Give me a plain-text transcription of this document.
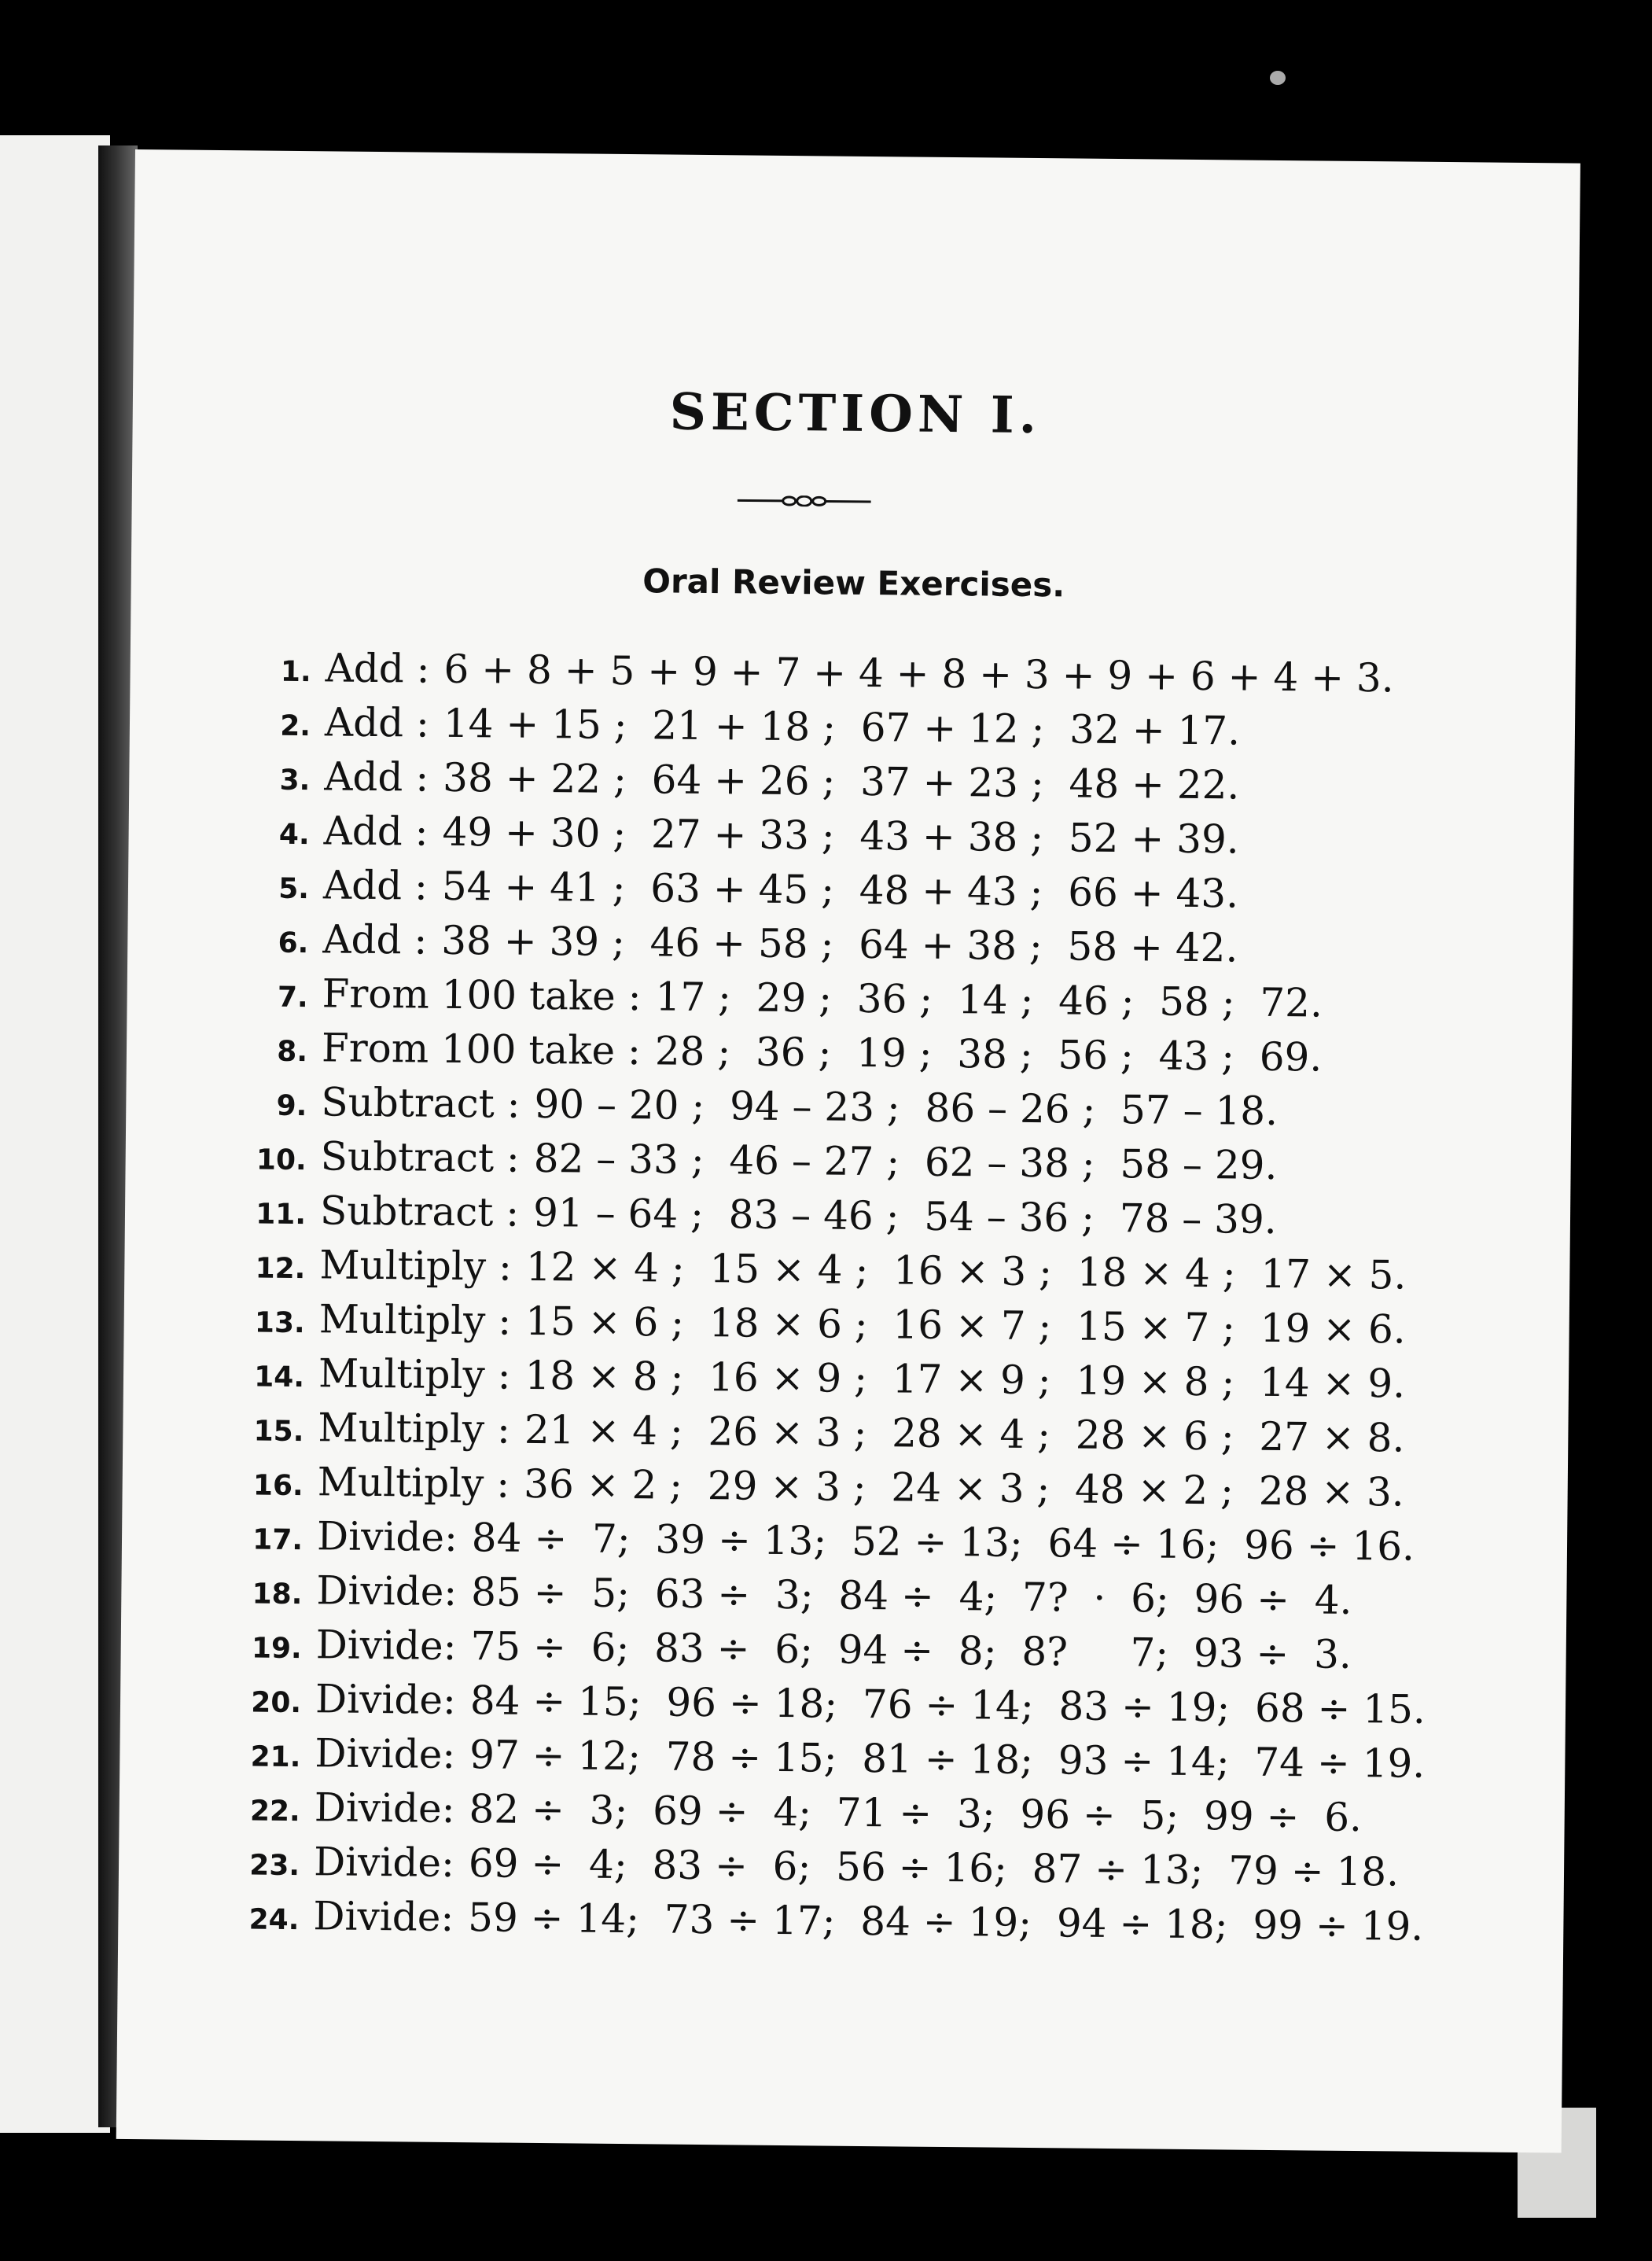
SECTION I.
Oral Review Exercises.
1. Add : 6 + 8 + 5 + 9 + 7 + 4 + 8 + 3 + 9 + 6 + 4 + 3.
2. Add : 14 + 15 ;  21 + 18 ;  67 + 12 ;  32 + 17.
3. Add : 38 + 22 ;  64 + 26 ;  37 + 23 ;  48 + 22.
4. Add : 49 + 30 ;  27 + 33 ;  43 + 38 ;  52 + 39.
5. Add : 54 + 41 ;  63 + 45 ;  48 + 43 ;  66 + 43.
6. Add : 38 + 39 ;  46 + 58 ;  64 + 38 ;  58 + 42.
7. From 100 take : 17 ;  29 ;  36 ;  14 ;  46 ;  58 ;  72.
8. From 100 take : 28 ;  36 ;  19 ;  38 ;  56 ;  43 ;  69.
9. Subtract : 90 – 20 ;  94 – 23 ;  86 – 26 ;  57 – 18.
10. Subtract : 82 – 33 ;  46 – 27 ;  62 – 38 ;  58 – 29.
11. Subtract : 91 – 64 ;  83 – 46 ;  54 – 36 ;  78 – 39.
12. Multiply : 12 × 4 ;  15 × 4 ;  16 × 3 ;  18 × 4 ;  17 × 5.
13. Multiply : 15 × 6 ;  18 × 6 ;  16 × 7 ;  15 × 7 ;  19 × 6.
14. Multiply : 18 × 8 ;  16 × 9 ;  17 × 9 ;  19 × 8 ;  14 × 9.
15. Multiply : 21 × 4 ;  26 × 3 ;  28 × 4 ;  28 × 6 ;  27 × 8.
16. Multiply : 36 × 2 ;  29 × 3 ;  24 × 3 ;  48 × 2 ;  28 × 3.
17. Divide: 84 ÷  7;  39 ÷ 13;  52 ÷ 13;  64 ÷ 16;  96 ÷ 16.
18. Divide: 85 ÷  5;  63 ÷  3;  84 ÷  4;  7?  ·  6;  96 ÷  4.
19. Divide: 75 ÷  6;  83 ÷  6;  94 ÷  8;  8?     7;  93 ÷  3.
20. Divide: 84 ÷ 15;  96 ÷ 18;  76 ÷ 14;  83 ÷ 19;  68 ÷ 15.
21. Divide: 97 ÷ 12;  78 ÷ 15;  81 ÷ 18;  93 ÷ 14;  74 ÷ 19.
22. Divide: 82 ÷  3;  69 ÷  4;  71 ÷  3;  96 ÷  5;  99 ÷  6.
23. Divide: 69 ÷  4;  83 ÷  6;  56 ÷ 16;  87 ÷ 13;  79 ÷ 18.
24. Divide: 59 ÷ 14;  73 ÷ 17;  84 ÷ 19;  94 ÷ 18;  99 ÷ 19.
